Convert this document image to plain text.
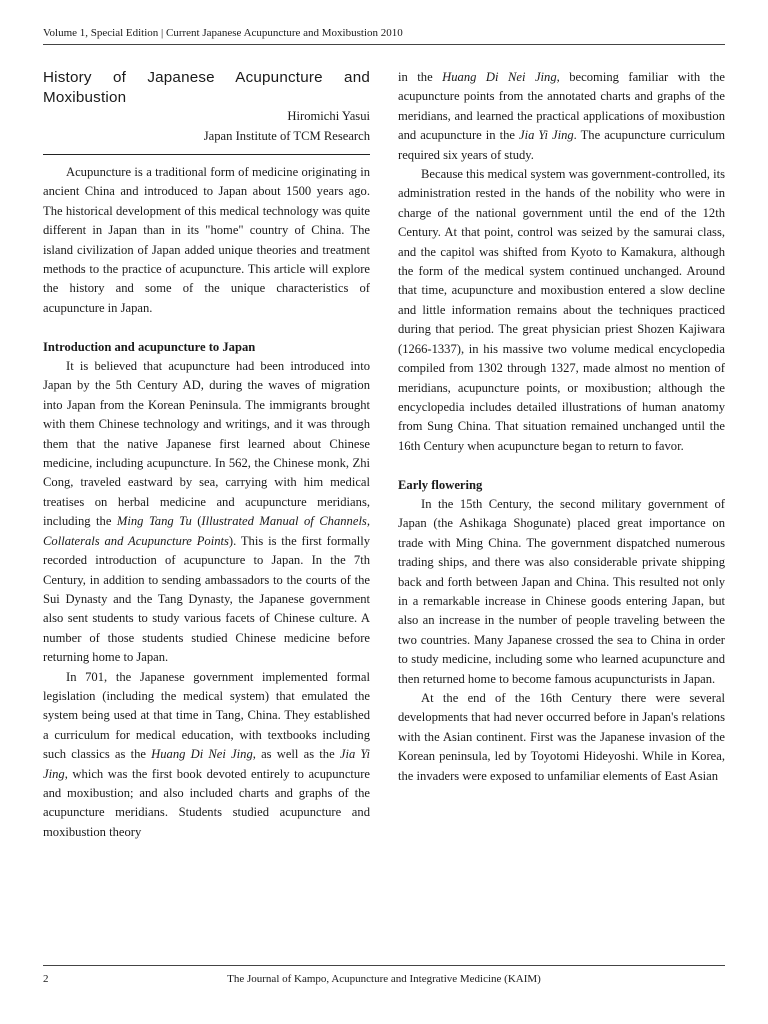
Volume 1, Special Edition | Current Japanese Acupuncture and Moxibustion 2010
History of Japanese Acupuncture and Moxibustion
Hiromichi Yasui
Japan Institute of TCM Research

Acupuncture is a traditional form of medicine originating in ancient China and introduced to Japan about 1500 years ago. The historical development of this medical technology was quite different in Japan than in its "home" country of China. The island civilization of Japan added unique theories and treatment methods to the practice of acupuncture. This article will explore the history and some of the unique characteristics of acupuncture in Japan.

Introduction and acupuncture to Japan

It is believed that acupuncture had been introduced into Japan by the 5th Century AD, during the waves of migration into Japan from the Korean Peninsula. The immigrants brought with them Chinese technology and writings, and it was through them that the native Japanese first learned about Chinese medicine, including acupuncture. In 562, the Chinese monk, Zhi Cong, traveled eastward by sea, carrying with him medical treatises on herbal medicine and acupuncture meridians, including the Ming Tang Tu (Illustrated Manual of Channels, Collaterals and Acupuncture Points). This is the first formally recorded introduction of acupuncture to Japan. In the 7th Century, in addition to sending ambassadors to the courts of the Sui Dynasty and the Tang Dynasty, the Japanese government also sent students to study various facets of Chinese culture. A number of those students studied Chinese medicine before returning home to Japan.

In 701, the Japanese government implemented formal legislation (including the medical system) that emulated the system being used at that time in Tang, China. They established a curriculum for medical education, with textbooks including such classics as the Huang Di Nei Jing, as well as the Jia Yi Jing, which was the first book devoted entirely to acupuncture and moxibustion; and also included charts and graphs of the acupuncture meridians. Students studied acupuncture and moxibustion theory

in the Huang Di Nei Jing, becoming familiar with the acupuncture points from the annotated charts and graphs of the meridians, and learned the practical applications of moxibustion and acupuncture in the Jia Yi Jing. The acupuncture curriculum required six years of study.

Because this medical system was government-controlled, its administration rested in the hands of the nobility who were in charge of the national government until the end of the 12th Century. At that point, control was seized by the samurai class, and the capitol was shifted from Kyoto to Kamakura, although the form of the medical system continued unchanged. Around that time, acupuncture and moxibustion entered a slow decline and little information remains about the techniques practiced during that period. The great physician priest Shozen Kajiwara (1266-1337), in his massive two volume medical encyclopedia compiled from 1302 through 1327, made almost no mention of meridians, acupuncture points, or moxibustion; although the encyclopedia includes detailed illustrations of human anatomy from Sung China. That situation remained unchanged until the 16th Century when acupuncture began to return to favor.

Early flowering

In the 15th Century, the second military government of Japan (the Ashikaga Shogunate) placed great importance on trade with Ming China. The government dispatched numerous trading ships, and there was also considerable private shipping back and forth between Japan and China. This resulted not only in a remarkable increase in Chinese goods entering Japan, but also an increase in the number of people traveling between the two countries. Many Japanese crossed the sea to China in order to study medicine, including some who learned acupuncture and then returned home to become famous acupuncturists in Japan.

At the end of the 16th Century there were several developments that had never occurred before in Japan's relations with the Asian continent. First was the Japanese invasion of the Korean peninsula, led by Toyotomi Hideyoshi. While in Korea, the invaders were exposed to unfamiliar elements of East Asian

2	The Journal of Kampo, Acupuncture and Integrative Medicine (KAIM)
